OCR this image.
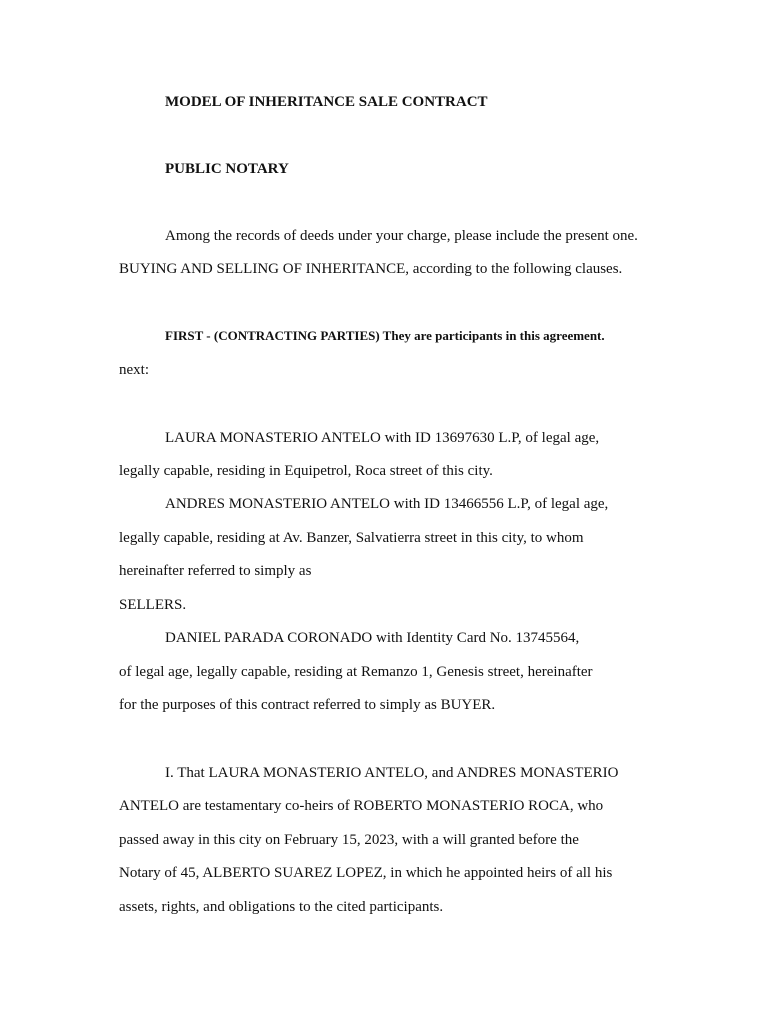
MODEL OF INHERITANCE SALE CONTRACT
PUBLIC NOTARY
Among the records of deeds under your charge, please include the present one.
BUYING AND SELLING OF INHERITANCE, according to the following clauses.
FIRST - (CONTRACTING PARTIES) They are participants in this agreement.
next:
LAURA MONASTERIO ANTELO with ID 13697630 L.P, of legal age,
legally capable, residing in Equipetrol, Roca street of this city.
ANDRES MONASTERIO ANTELO with ID 13466556 L.P, of legal age,
legally capable, residing at Av. Banzer, Salvatierra street in this city, to whom
hereinafter referred to simply as
SELLERS.
DANIEL PARADA CORONADO with Identity Card No. 13745564,
of legal age, legally capable, residing at Remanzo 1, Genesis street, hereinafter
for the purposes of this contract referred to simply as BUYER.
I. That LAURA MONASTERIO ANTELO, and ANDRES MONASTERIO
ANTELO are testamentary co-heirs of ROBERTO MONASTERIO ROCA, who
passed away in this city on February 15, 2023, with a will granted before the
Notary of 45, ALBERTO SUAREZ LOPEZ, in which he appointed heirs of all his
assets, rights, and obligations to the cited participants.
